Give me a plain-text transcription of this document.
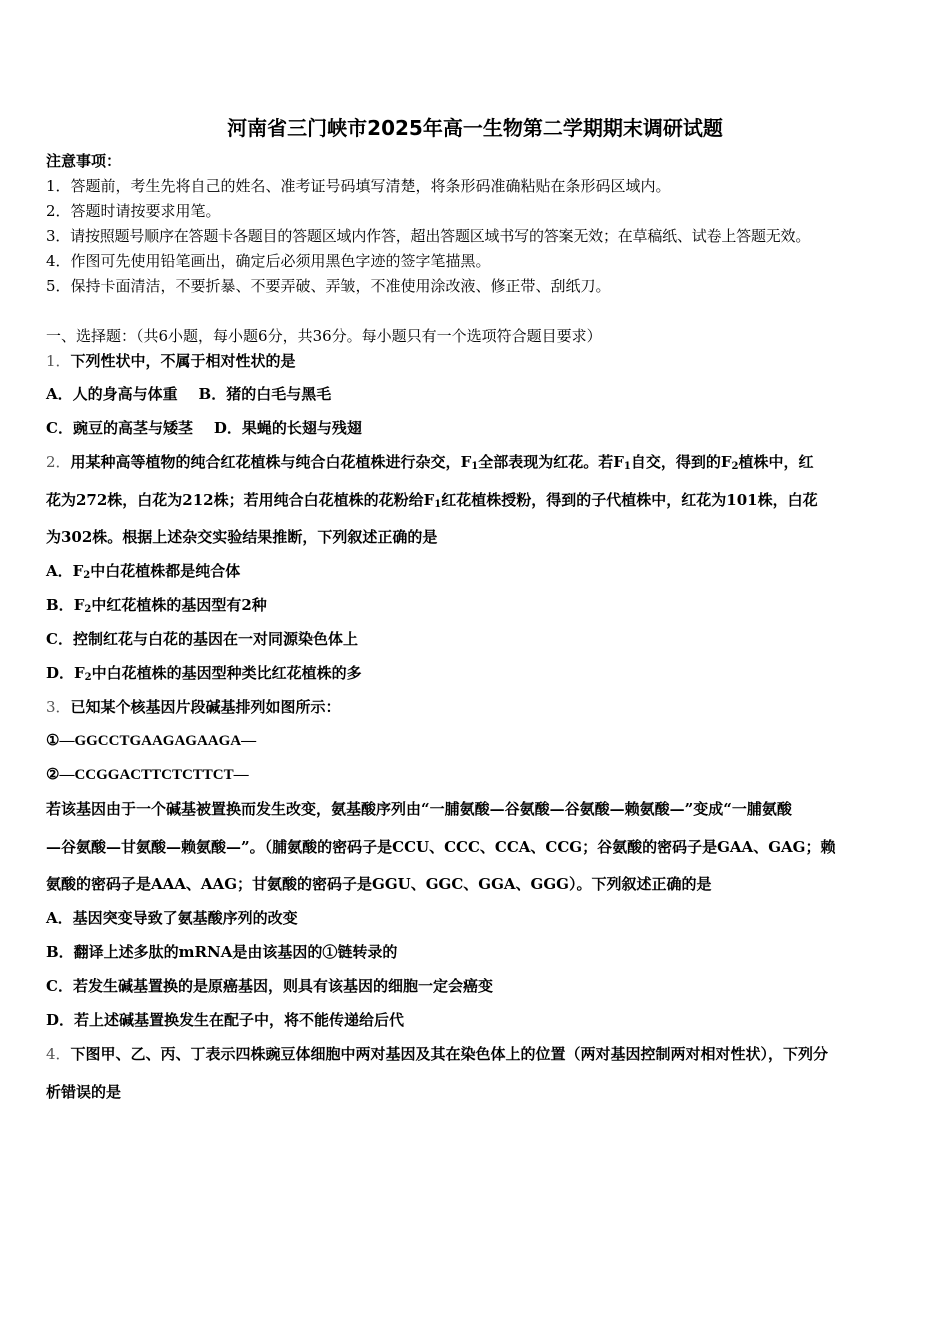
河南省三门峡市2025年高一生物第二学期期末调研试题
注意事项：
1．答题前，考生先将自己的姓名、准考证号码填写清楚，将条形码准确粘贴在条形码区域内。
2．答题时请按要求用笔。
3．请按照题号顺序在答题卡各题目的答题区域内作答，超出答题区域书写的答案无效；在草稿纸、试卷上答题无效。
4．作图可先使用铅笔画出，确定后必须用黑色字迹的签字笔描黑。
5．保持卡面清洁，不要折暴、不要弄破、弄皱，不准使用涂改液、修正带、刮纸刀。
一、选择题：（共6小题，每小题6分，共36分。每小题只有一个选项符合题目要求）
1．下列性状中，不属于相对性状的是
A．人的身高与体重 B．猪的白毛与黑毛
C．豌豆的高茎与矮茎 D．果蝇的长翅与残翅
2．用某种高等植物的纯合红花植株与纯合白花植株进行杂交，$F_1$全部表现为红花。若$F_1$自交，得到的$F_2$植株中，红
花为272株，白花为212株；若用纯合白花植株的花粉给$F_1$红花植株授粉，得到的子代植株中，红花为101株，白花
为302株。根据上述杂交实验结果推断，下列叙述正确的是
A．$F_2$中白花植株都是纯合体
B．$F_2$中红花植株的基因型有2种
C．控制红花与白花的基因在一对同源染色体上
D．$F_2$中白花植株的基因型种类比红花植株的多
3．已知某个核基因片段碱基排列如图所示：
①—GGCCTGAAGAGAAGA—
②—CCGGACTTCTCTTCT—
若该基因由于一个碱基被置换而发生改变，氨基酸序列由“一脯氨酸—谷氨酸—谷氨酸—赖氨酸—”变成“一脯氨酸
—谷氨酸—甘氨酸—赖氨酸—”。（脯氨酸的密码子是CCU、CCC、CCA、CCG；谷氨酸的密码子是GAA、GAG；赖
氨酸的密码子是AAA、AAG；甘氨酸的密码子是GGU、GGC、GGA、GGG）。下列叙述正确的是
A．基因突变导致了氨基酸序列的改变
B．翻译上述多肽的mRNA是由该基因的①链转录的
C．若发生碱基置换的是原癌基因，则具有该基因的细胞一定会癌变
D．若上述碱基置换发生在配子中，将不能传递给后代
4．下图甲、乙、丙、丁表示四株豌豆体细胞中两对基因及其在染色体上的位置（两对基因控制两对相对性状），下列分
析错误的是
